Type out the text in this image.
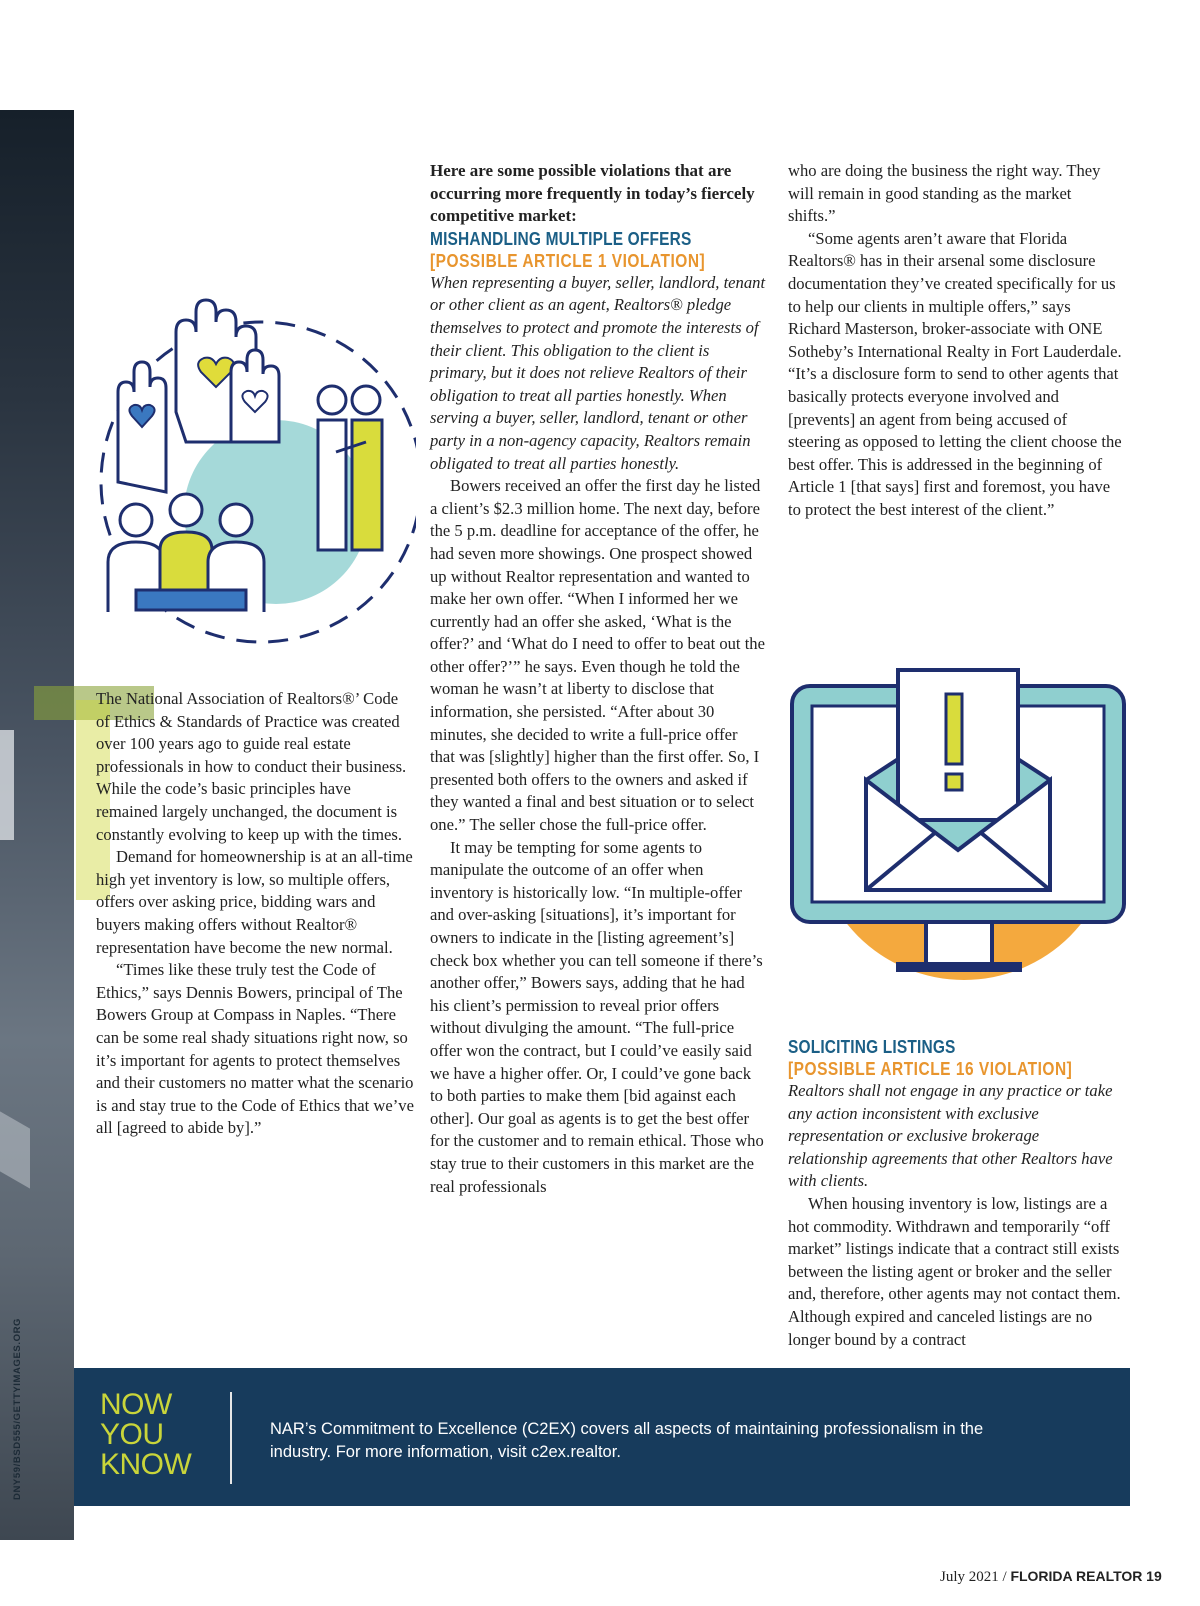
DNY59/BSD555/GETTYIMAGES.ORG

The National Association of Realtors®’ Code of Ethics & Standards of Practice was created over 100 years ago to guide real estate professionals in how to conduct their business. While the code’s basic principles have remained largely unchanged, the document is constantly evolving to keep up with the times.

Demand for homeownership is at an all-time high yet inventory is low, so multiple offers, offers over asking price, bidding wars and buyers making offers without Realtor® representation have become the new normal.

“Times like these truly test the Code of Ethics,” says Dennis Bowers, principal of The Bowers Group at Compass in Naples. “There can be some real shady situations right now, so it’s important for agents to protect themselves and their customers no matter what the scenario is and stay true to the Code of Ethics that we’ve all [agreed to abide by].”

Here are some possible violations that are occurring more frequently in today’s fiercely competitive market:

MISHANDLING MULTIPLE OFFERS

[POSSIBLE ARTICLE 1 VIOLATION]

When representing a buyer, seller, landlord, tenant or other client as an agent, Realtors® pledge themselves to protect and promote the interests of their client. This obligation to the client is primary, but it does not relieve Realtors of their obligation to treat all parties honestly. When serving a buyer, seller, landlord, tenant or other party in a non-agency capacity, Realtors remain obligated to treat all parties honestly.

Bowers received an offer the first day he listed a client’s $2.3 million home. The next day, before the 5 p.m. deadline for acceptance of the offer, he had seven more showings. One prospect showed up without Realtor representation and wanted to make her own offer. “When I informed her we currently had an offer she asked, ‘What is the offer?’ and ‘What do I need to offer to beat out the other offer?’” he says. Even though he told the woman he wasn’t at liberty to disclose that information, she persisted. “After about 30 minutes, she decided to write a full-price offer that was [slightly] higher than the first offer. So, I presented both offers to the owners and asked if they wanted a final and best situation or to select one.” The seller chose the full-price offer.

It may be tempting for some agents to manipulate the outcome of an offer when inventory is historically low. “In multiple-offer and over-asking [situations], it’s important for owners to indicate in the [listing agreement’s] check box whether you can tell someone if there’s another offer,” Bowers says, adding that he had his client’s permission to reveal prior offers without divulging the amount. “The full-price offer won the contract, but I could’ve easily said we have a higher offer. Or, I could’ve gone back to both parties to make them [bid against each other]. Our goal as agents is to get the best offer for the customer and to remain ethical. Those who stay true to their customers in this market are the real professionals

who are doing the business the right way. They will remain in good standing as the market shifts.”

“Some agents aren’t aware that Florida Realtors® has in their arsenal some disclosure documentation they’ve created specifically for us to help our clients in multiple offers,” says Richard Masterson, broker-associate with ONE Sotheby’s International Realty in Fort Lauderdale. “It’s a disclosure form to send to other agents that basically protects everyone involved and [prevents] an agent from being accused of steering as opposed to letting the client choose the best offer. This is addressed in the beginning of Article 1 [that says] first and foremost, you have to protect the best interest of the client.”

SOLICITING LISTINGS

[POSSIBLE ARTICLE 16 VIOLATION]

Realtors shall not engage in any practice or take any action inconsistent with exclusive representation or exclusive brokerage relationship agreements that other Realtors have with clients.

When housing inventory is low, listings are a hot commodity. Withdrawn and temporarily “off market” listings indicate that a contract still exists between the listing agent or broker and the seller and, therefore, other agents may not contact them. Although expired and canceled listings are no longer bound by a contract

NOW
YOU
KNOW
NAR’s Commitment to Excellence (C2EX) covers all aspects of maintaining professionalism in the industry. For more information, visit c2ex.realtor.
July 2021 / FLORIDA REALTOR 19
